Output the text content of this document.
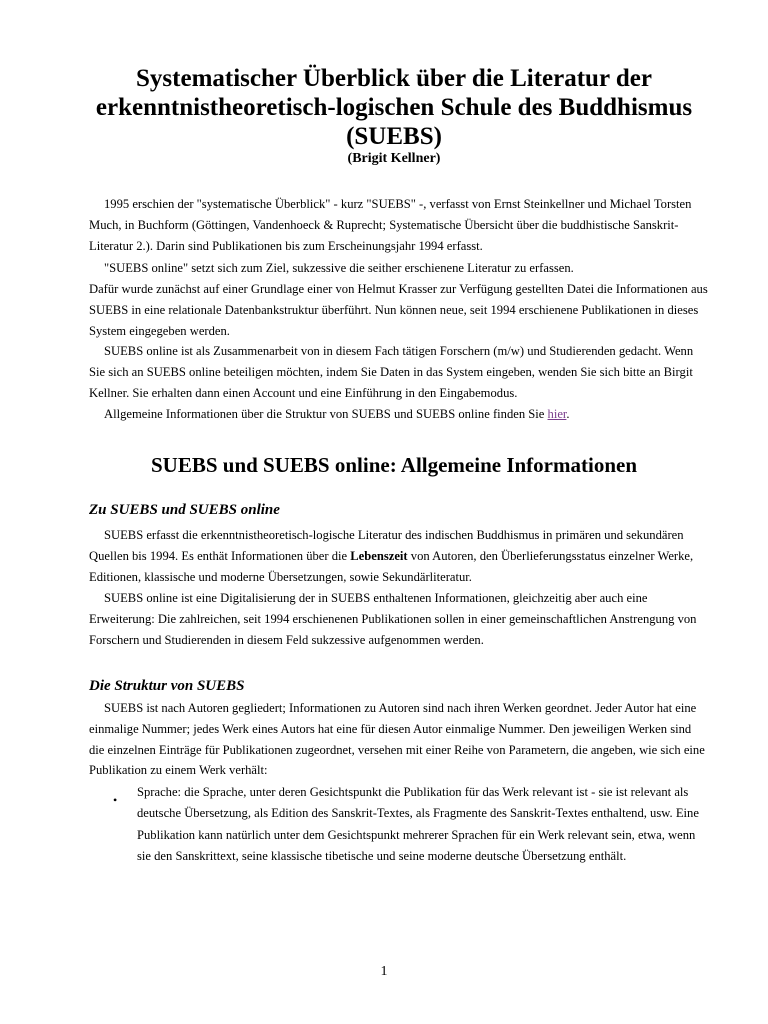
Systematischer Überblick über die Literatur der erkenntnistheoretisch-logischen Schule des Buddhismus (SUEBS)
(Brigit Kellner)

1995 erschien der "systematische Überblick" - kurz "SUEBS" -, verfasst von Ernst Steinkellner und Michael Torsten Much, in Buchform (Göttingen, Vandenhoeck & Ruprecht; Systematische Übersicht über die buddhistische Sanskrit-Literatur 2.). Darin sind Publikationen bis zum Erscheinungsjahr 1994 erfasst.

"SUEBS online" setzt sich zum Ziel, sukzessive die seither erschienene Literatur zu erfassen.

Dafür wurde zunächst auf einer Grundlage einer von Helmut Krasser zur Verfügung gestellten Datei die Informationen aus SUEBS in eine relationale Datenbankstruktur überführt. Nun können neue, seit 1994 erschienene Publikationen in dieses System eingegeben werden.

SUEBS online ist als Zusammenarbeit von in diesem Fach tätigen Forschern (m/w) und Studierenden gedacht. Wenn Sie sich an SUEBS online beteiligen möchten, indem Sie Daten in das System eingeben, wenden Sie sich bitte an Birgit Kellner. Sie erhalten dann einen Account und eine Einführung in den Eingabemodus.

Allgemeine Informationen über die Struktur von SUEBS und SUEBS online finden Sie hier.

SUEBS und SUEBS online: Allgemeine Informationen
Zu SUEBS und SUEBS online

SUEBS erfasst die erkenntnistheoretisch-logische Literatur des indischen Buddhismus in primären und sekundären Quellen bis 1994. Es enthät Informationen über die Lebenszeit von Autoren, den Überlieferungsstatus einzelner Werke, Editionen, klassische und moderne Übersetzungen, sowie Sekundärliteratur.

SUEBS online ist eine Digitalisierung der in SUEBS enthaltenen Informationen, gleichzeitig aber auch eine Erweiterung: Die zahlreichen, seit 1994 erschienenen Publikationen sollen in einer gemeinschaftlichen Anstrengung von Forschern und Studierenden in diesem Feld sukzessive aufgenommen werden.

Die Struktur von SUEBS

SUEBS ist nach Autoren gegliedert; Informationen zu Autoren sind nach ihren Werken geordnet. Jeder Autor hat eine einmalige Nummer; jedes Werk eines Autors hat eine für diesen Autor einmalige Nummer. Den jeweiligen Werken sind die einzelnen Einträge für Publikationen zugeordnet, versehen mit einer Reihe von Parametern, die angeben, wie sich eine Publikation zu einem Werk verhält:

•

Sprache: die Sprache, unter deren Gesichtspunkt die Publikation für das Werk relevant ist - sie ist relevant als deutsche Übersetzung, als Edition des Sanskrit-Textes, als Fragmente des Sanskrit-Textes enthaltend, usw. Eine Publikation kann natürlich unter dem Gesichtspunkt mehrerer Sprachen für ein Werk relevant sein, etwa, wenn sie den Sanskrittext, seine klassische tibetische und seine moderne deutsche Übersetzung enthält.

1
